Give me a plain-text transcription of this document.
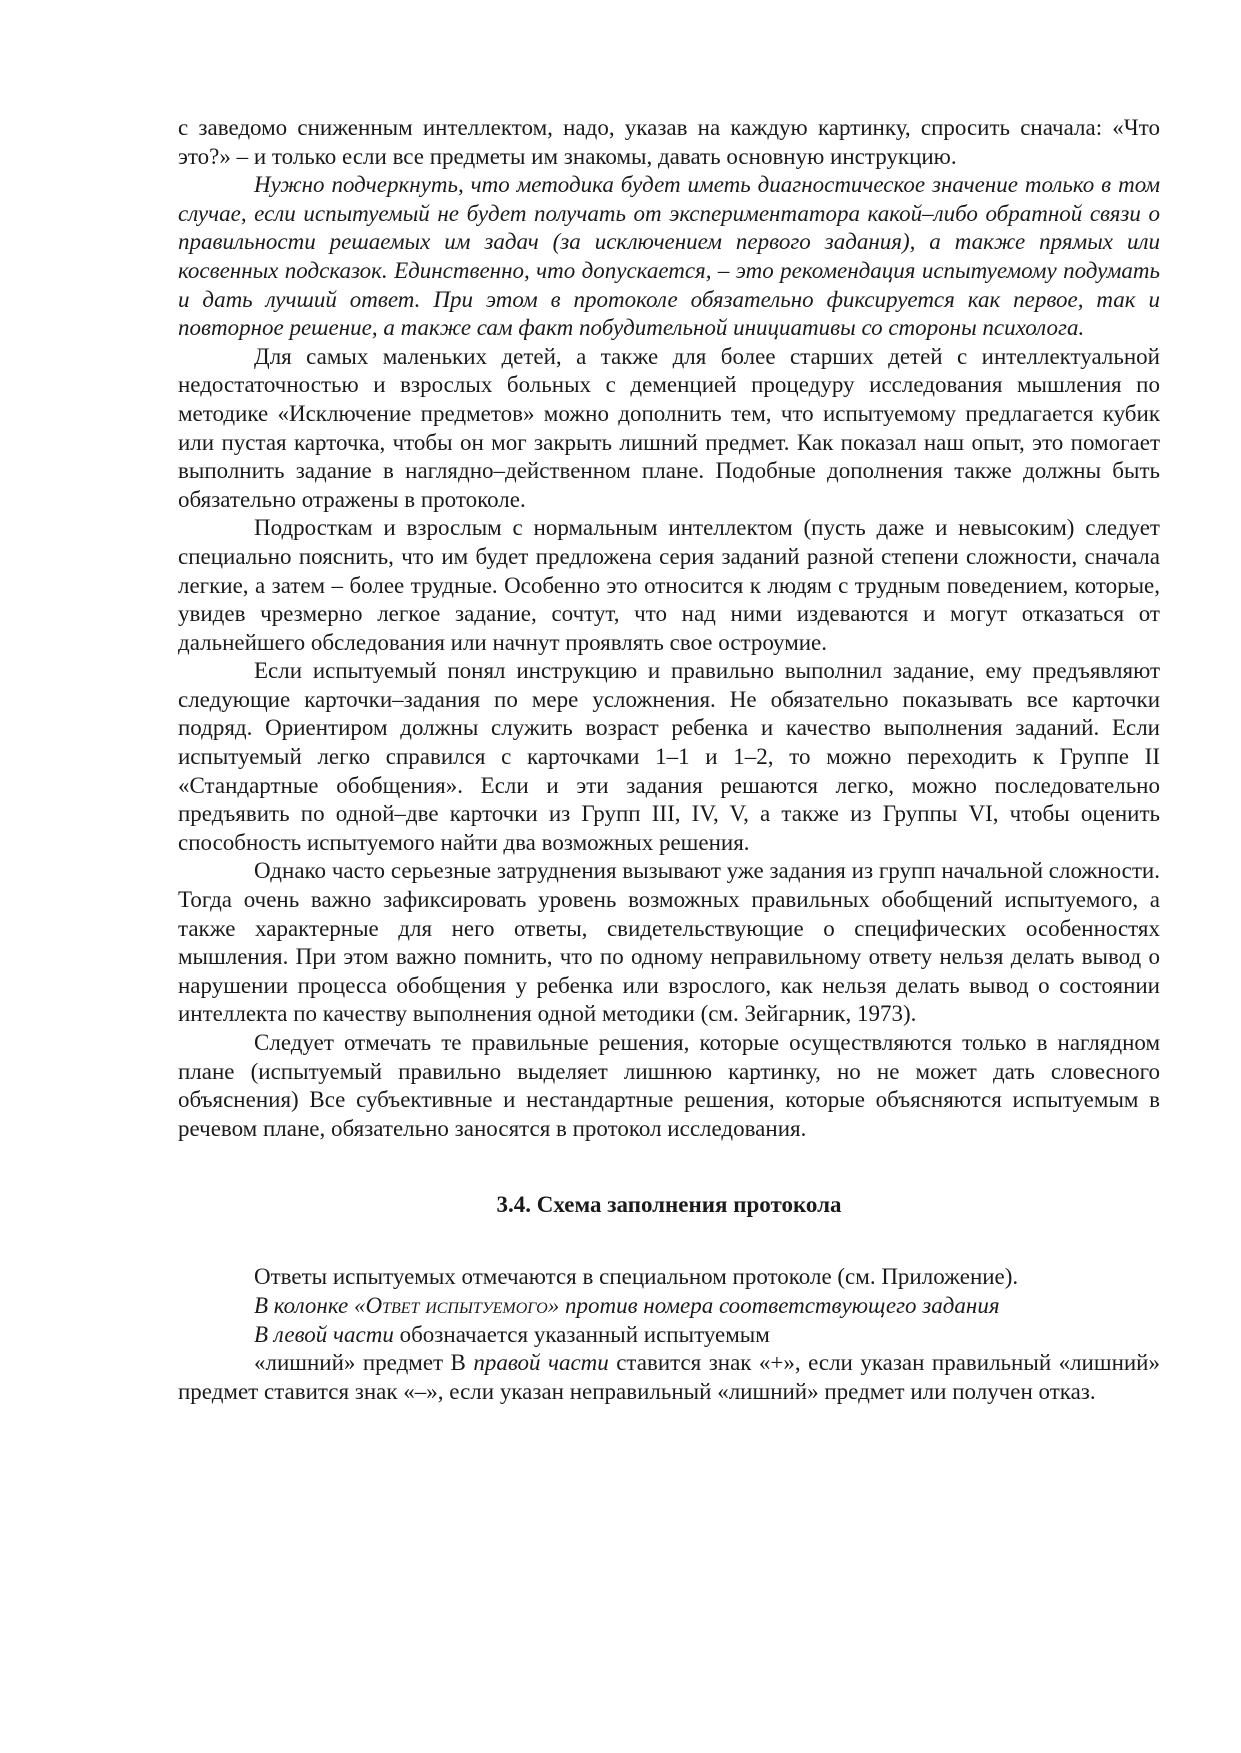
с заведомо сниженным интеллектом, надо, указав на каждую картинку, спросить сначала: «Что это?» – и только если все предметы им знакомы, давать основную инструкцию.

Нужно подчеркнуть, что методика будет иметь диагностическое значение только в том случае, если испытуемый не будет получать от экспериментатора какой–либо обратной связи о правильности решаемых им задач (за исключением первого задания), а также прямых или косвенных подсказок. Единственно, что допускается, – это рекомендация испытуемому подумать и дать лучший ответ. При этом в протоколе обязательно фиксируется как первое, так и повторное решение, а также сам факт побудительной инициативы со стороны психолога.

Для самых маленьких детей, а также для более старших детей с интеллектуальной недостаточностью и взрослых больных с деменцией процедуру исследования мышления по методике «Исключение предметов» можно дополнить тем, что испытуемому предлагается кубик или пустая карточка, чтобы он мог закрыть лишний предмет. Как показал наш опыт, это помогает выполнить задание в наглядно–действенном плане. Подобные дополнения также должны быть обязательно отражены в протоколе.

Подросткам и взрослым с нормальным интеллектом (пусть даже и невысоким) следует специально пояснить, что им будет предложена серия заданий разной степени сложности, сначала легкие, а затем – более трудные. Особенно это относится к людям с трудным поведением, которые, увидев чрезмерно легкое задание, сочтут, что над ними издеваются и могут отказаться от дальнейшего обследования или начнут проявлять свое остроумие.

Если испытуемый понял инструкцию и правильно выполнил задание, ему предъявляют следующие карточки–задания по мере усложнения. Не обязательно показывать все карточки подряд. Ориентиром должны служить возраст ребенка и качество выполнения заданий. Если испытуемый легко справился с карточками 1–1 и 1–2, то можно переходить к Группе II «Стандартные обобщения». Если и эти задания решаются легко, можно последовательно предъявить по одной–две карточки из Групп III, IV, V, а также из Группы VI, чтобы оценить способность испытуемого найти два возможных решения.

Однако часто серьезные затруднения вызывают уже задания из групп начальной сложности. Тогда очень важно зафиксировать уровень возможных правильных обобщений испытуемого, а также характерные для него ответы, свидетельствующие о специфических особенностях мышления. При этом важно помнить, что по одному неправильному ответу нельзя делать вывод о нарушении процесса обобщения у ребенка или взрослого, как нельзя делать вывод о состоянии интеллекта по качеству выполнения одной методики (см. Зейгарник, 1973).

Следует отмечать те правильные решения, которые осуществляются только в наглядном плане (испытуемый правильно выделяет лишнюю картинку, но не может дать словесного объяснения) Все субъективные и нестандартные решения, которые объясняются испытуемым в речевом плане, обязательно заносятся в протокол исследования.

3.4. Схема заполнения протокола

Ответы испытуемых отмечаются в специальном протоколе (см. Приложение).

В колонке «Ответ испытуемого» против номера соответствующего задания

В левой части обозначается указанный испытуемым

«лишний» предмет В правой части ставится знак «+», если указан правильный «лишний» предмет ставится знак «–», если указан неправильный «лишний» предмет или получен отказ.
